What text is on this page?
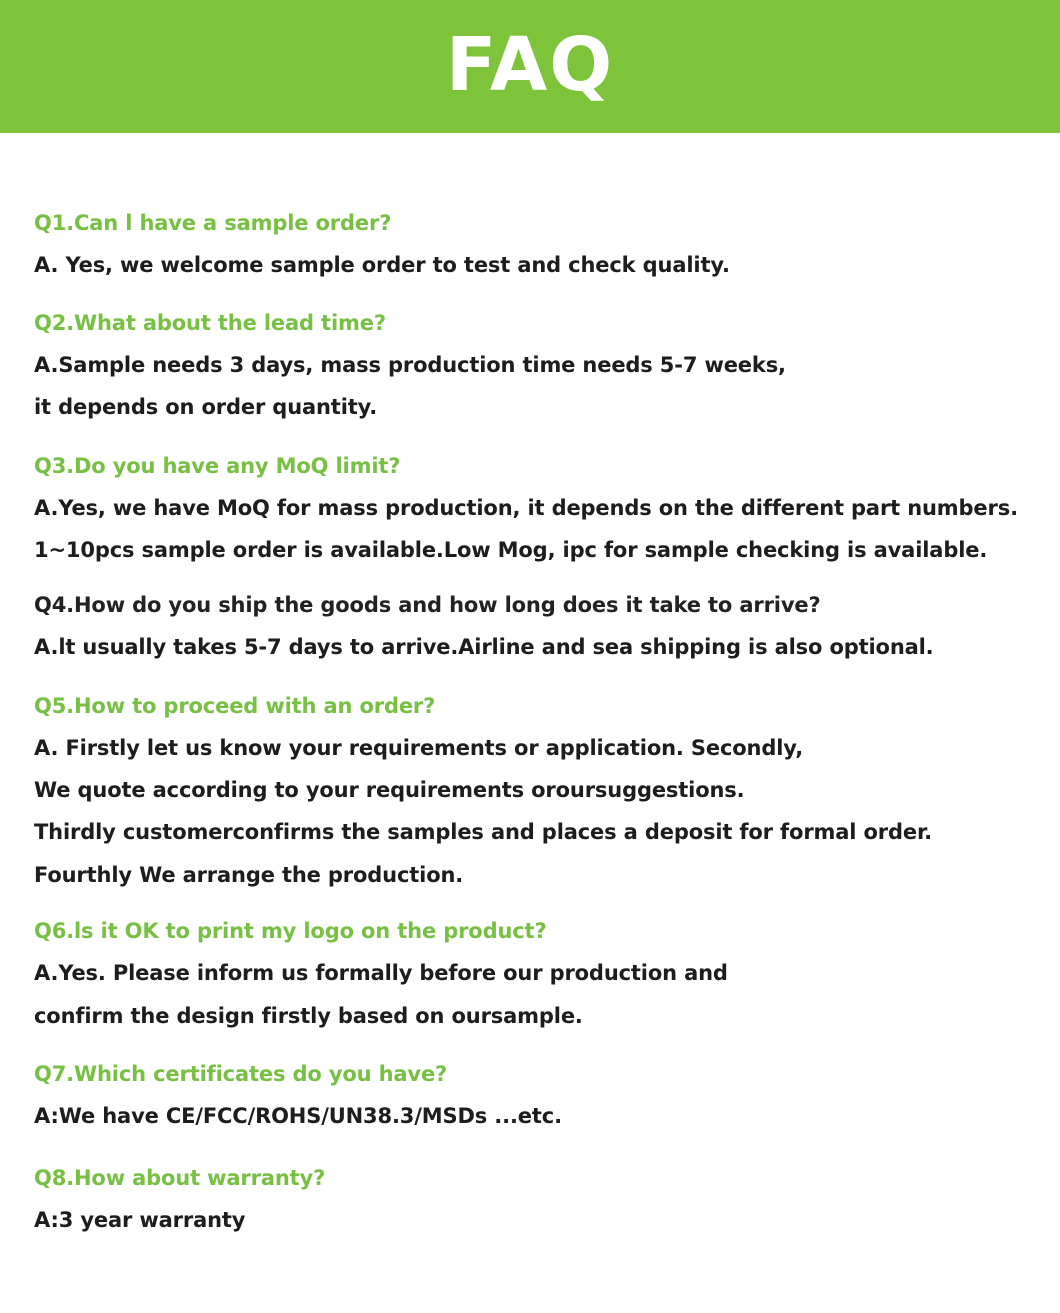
FAQ
Q1.Can l have a sample order?
A. Yes, we welcome sample order to test and check quality.
Q2.What about the lead time?
A.Sample needs 3 days, mass production time needs 5-7 weeks,
it depends on order quantity.
Q3.Do you have any MoQ limit?
A.Yes, we have MoQ for mass production, it depends on the different part numbers.
1~10pcs sample order is available.Low Mog, ipc for sample checking is available.
Q4.How do you ship the goods and how long does it take to arrive?
A.lt usually takes 5-7 days to arrive.Airline and sea shipping is also optional.
Q5.How to proceed with an order?
A. Firstly let us know your requirements or application. Secondly,
We quote according to your requirements oroursuggestions.
Thirdly customerconfirms the samples and places a deposit for formal order.
Fourthly We arrange the production.
Q6.ls it OK to print my logo on the product?
A.Yes. Please inform us formally before our production and
confirm the design firstly based on oursample.
Q7.Which certificates do you have?
A:We have CE/FCC/ROHS/UN38.3/MSDs ...etc.
Q8.How about warranty?
A:3 year warranty
